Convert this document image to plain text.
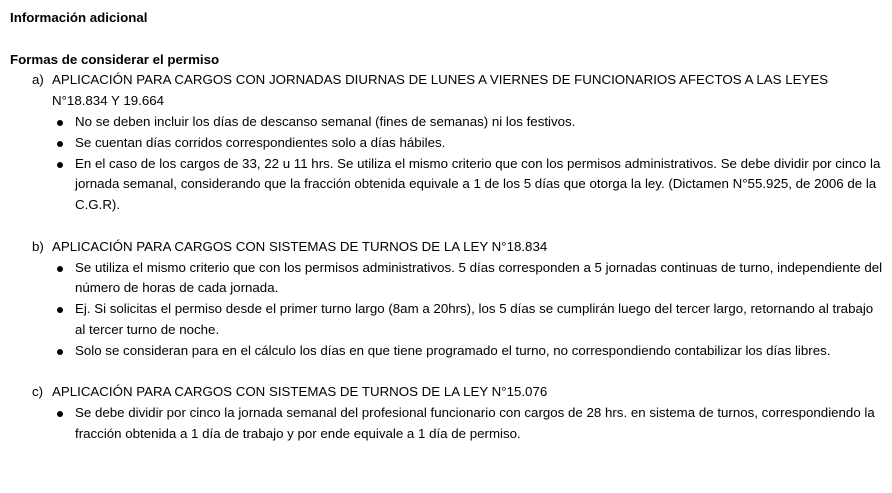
Información adicional

Formas de considerar el permiso

a) APLICACIÓN PARA CARGOS CON JORNADAS DIURNAS DE LUNES A VIERNES DE FUNCIONARIOS AFECTOS A LAS LEYES N°18.834 Y 19.664
No se deben incluir los días de descanso semanal (fines de semanas) ni los festivos.
Se cuentan días corridos correspondientes solo a días hábiles.
En el caso de los cargos de 33, 22 u 11 hrs. Se utiliza el mismo criterio que con los permisos administrativos. Se debe dividir por cinco la jornada semanal, considerando que la fracción obtenida equivale a 1 de los 5 días que otorga la ley. (Dictamen N°55.925, de 2006 de la C.G.R).
b) APLICACIÓN PARA CARGOS CON SISTEMAS DE TURNOS DE LA LEY N°18.834
Se utiliza el mismo criterio que con los permisos administrativos. 5 días corresponden a 5 jornadas continuas de turno, independiente del número de horas de cada jornada.
Ej. Si solicitas el permiso desde el primer turno largo (8am a 20hrs), los 5 días se cumplirán luego del tercer largo, retornando al trabajo al tercer turno de noche.
Solo se consideran para en el cálculo los días en que tiene programado el turno, no correspondiendo contabilizar los días libres.
c) APLICACIÓN PARA CARGOS CON SISTEMAS DE TURNOS DE LA LEY N°15.076
Se debe dividir por cinco la jornada semanal del profesional funcionario con cargos de 28 hrs. en sistema de turnos, correspondiendo la fracción obtenida a 1 día de trabajo y por ende equivale a 1 día de permiso.
